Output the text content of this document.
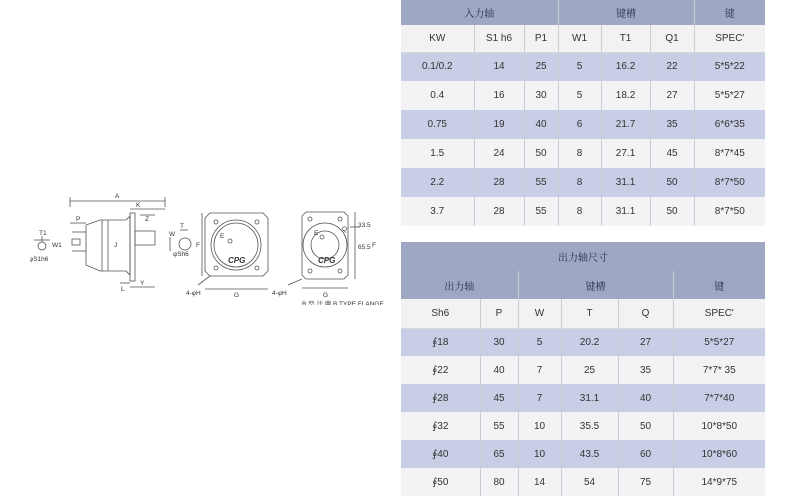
T1
φS1h6
W1
A
P
K
Z
J
L
Y
W
T
φSh6
F
E
G
4-φH	4-φH
E
Q
33.5
65.5 F
G
B 型 法 蘭 B TYPE FLANGE
CPG	CPG
入力轴			键槽			键
KW	S1 h6	P1	W1	T1	Q1	SPEC'
0.1/0.2	14	25	5	16.2	22	5*5*22
0.4	16	30	5	18.2	27	5*5*27
0.75	19	40	6	21.7	35	6*6*35
1.5	24	50	8	27.1	45	8*7*45
2.2	28	55	8	31.1	50	8*7*50
3.7	28	55	8	31.1	50	8*7*50
出力轴尺寸					
出力轴		键槽			键
Sh6	P	W	T	Q	SPEC'
∮18	30	5	20.2	27	5*5*27
∮22	40	7	25	35	7*7* 35
∮28	45	7	31.1	40	7*7*40
∮32	55	10	35.5	50	10*8*50
∮40	65	10	43.5	60	10*8*60
∮50	80	14	54	75	14*9*75
